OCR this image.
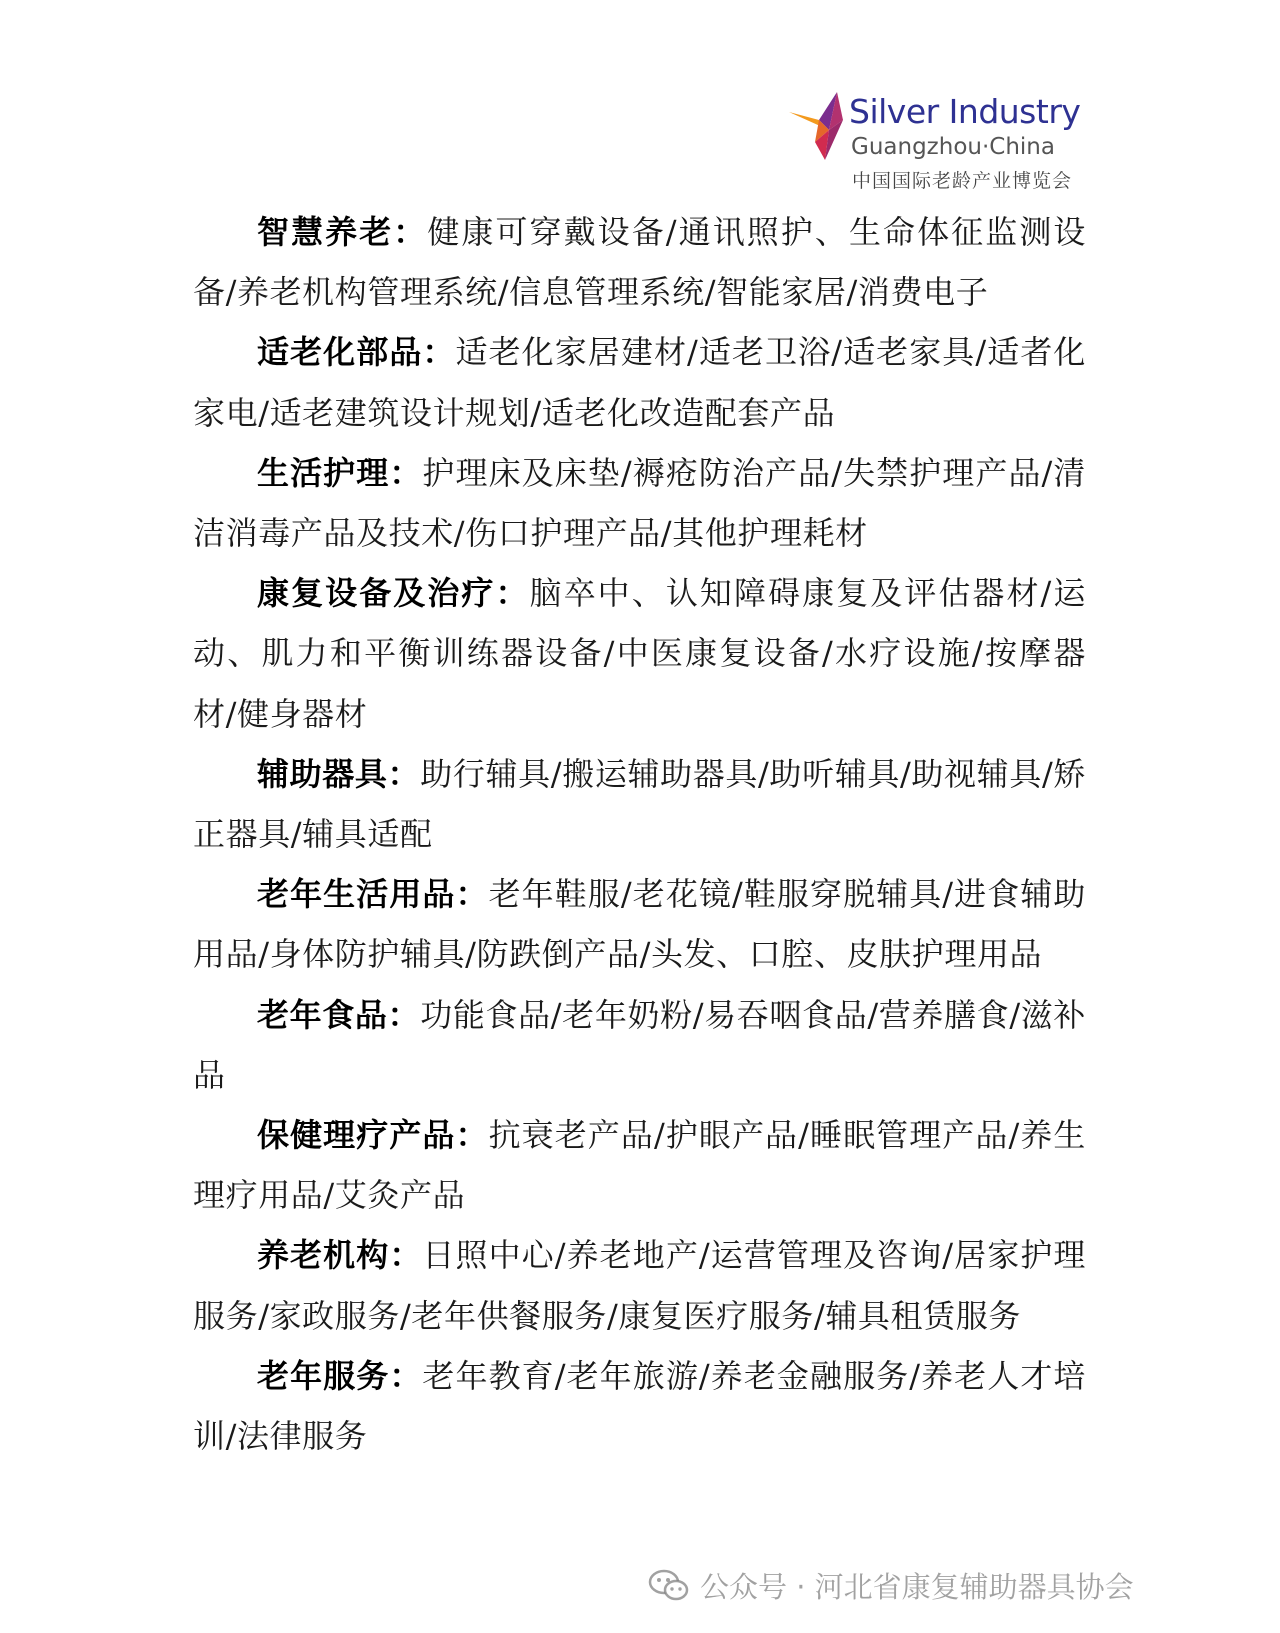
Silver Industry
Guangzhou·China
中国国际老龄产业博览会

智慧养老：健康可穿戴设备/通讯照护、生命体征监测设备/养老机构管理系统/信息管理系统/智能家居/消费电子

适老化部品：适老化家居建材/适老卫浴/适老家具/适者化家电/适老建筑设计规划/适老化改造配套产品

生活护理：护理床及床垫/褥疮防治产品/失禁护理产品/清洁消毒产品及技术/伤口护理产品/其他护理耗材

康复设备及治疗：脑卒中、认知障碍康复及评估器材/运动、肌力和平衡训练器设备/中医康复设备/水疗设施/按摩器材/健身器材

辅助器具：助行辅具/搬运辅助器具/助听辅具/助视辅具/矫正器具/辅具适配

老年生活用品：老年鞋服/老花镜/鞋服穿脱辅具/进食辅助用品/身体防护辅具/防跌倒产品/头发、口腔、皮肤护理用品

老年食品：功能食品/老年奶粉/易吞咽食品/营养膳食/滋补品

保健理疗产品：抗衰老产品/护眼产品/睡眠管理产品/养生理疗用品/艾灸产品

养老机构：日照中心/养老地产/运营管理及咨询/居家护理服务/家政服务/老年供餐服务/康复医疗服务/辅具租赁服务

老年服务：老年教育/老年旅游/养老金融服务/养老人才培训/法律服务

公众号 · 河北省康复辅助器具协会
